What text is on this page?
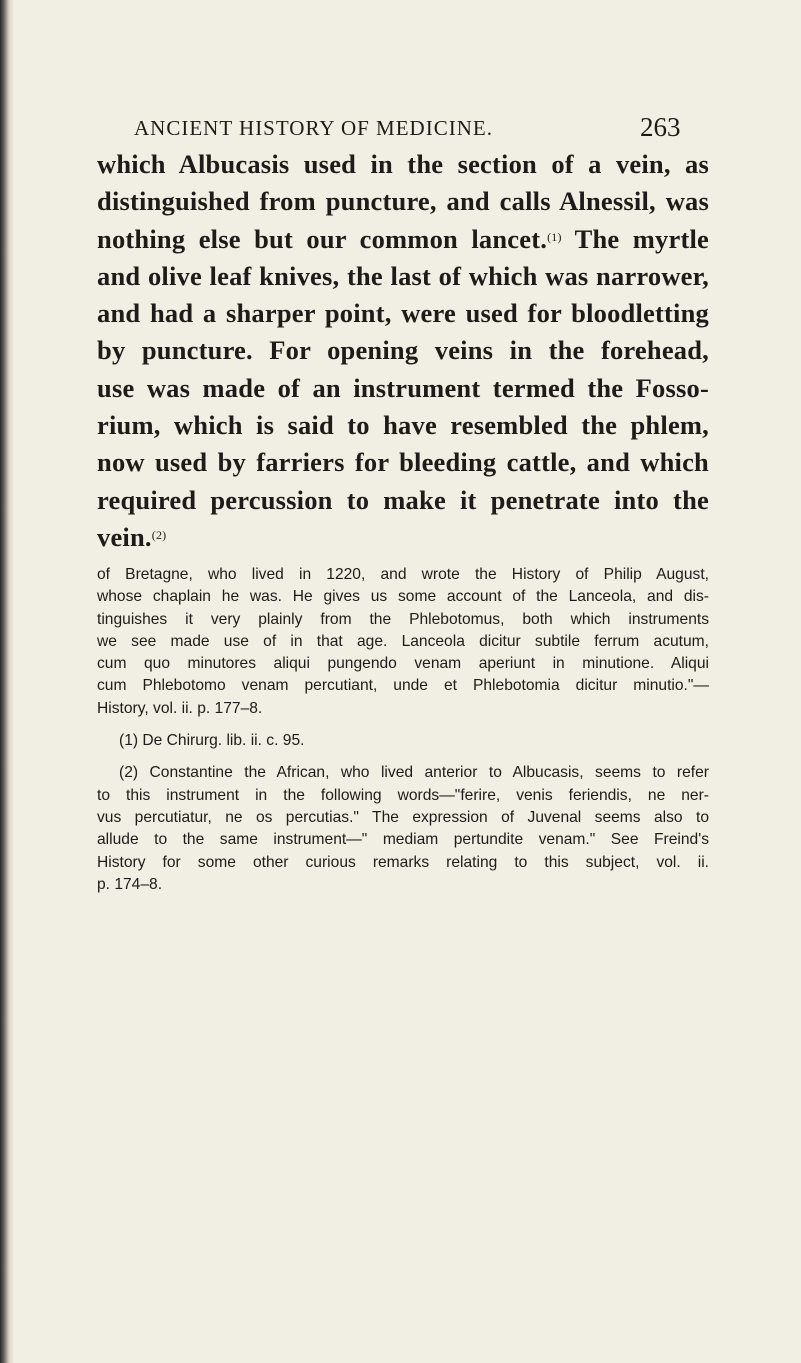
ANCIENT HISTORY OF MEDICINE.	263
which Albucasis used in the section of a vein, as
distinguished from puncture, and calls Alnessil, was
nothing else but our common lancet.$^{(1)}$ The myrtle
and olive leaf knives, the last of which was narrower,
and had a sharper point, were used for bloodletting
by puncture. For opening veins in the forehead,
use was made of an instrument termed the Fosso-
rium, which is said to have resembled the phlem,
now used by farriers for bleeding cattle, and which
required percussion to make it penetrate into the
vein.$^{(2)}$
of Bretagne, who lived in 1220, and wrote the History of Philip August,
whose chaplain he was. He gives us some account of the Lanceola, and dis-
tinguishes it very plainly from the Phlebotomus, both which instruments
we see made use of in that age. Lanceola dicitur subtile ferrum acutum,
cum quo minutores aliqui pungendo venam aperiunt in minutione. Aliqui
cum Phlebotomo venam percutiant, unde et Phlebotomia dicitur minutio."—
History, vol. ii. p. 177–8.
(1) De Chirurg. lib. ii. c. 95.
(2) Constantine the African, who lived anterior to Albucasis, seems to refer
to this instrument in the following words—"ferire, venis feriendis, ne ner-
vus percutiatur, ne os percutias." The expression of Juvenal seems also to
allude to the same instrument—" mediam pertundite venam." See Freind's
History for some other curious remarks relating to this subject, vol. ii.
p. 174–8.
